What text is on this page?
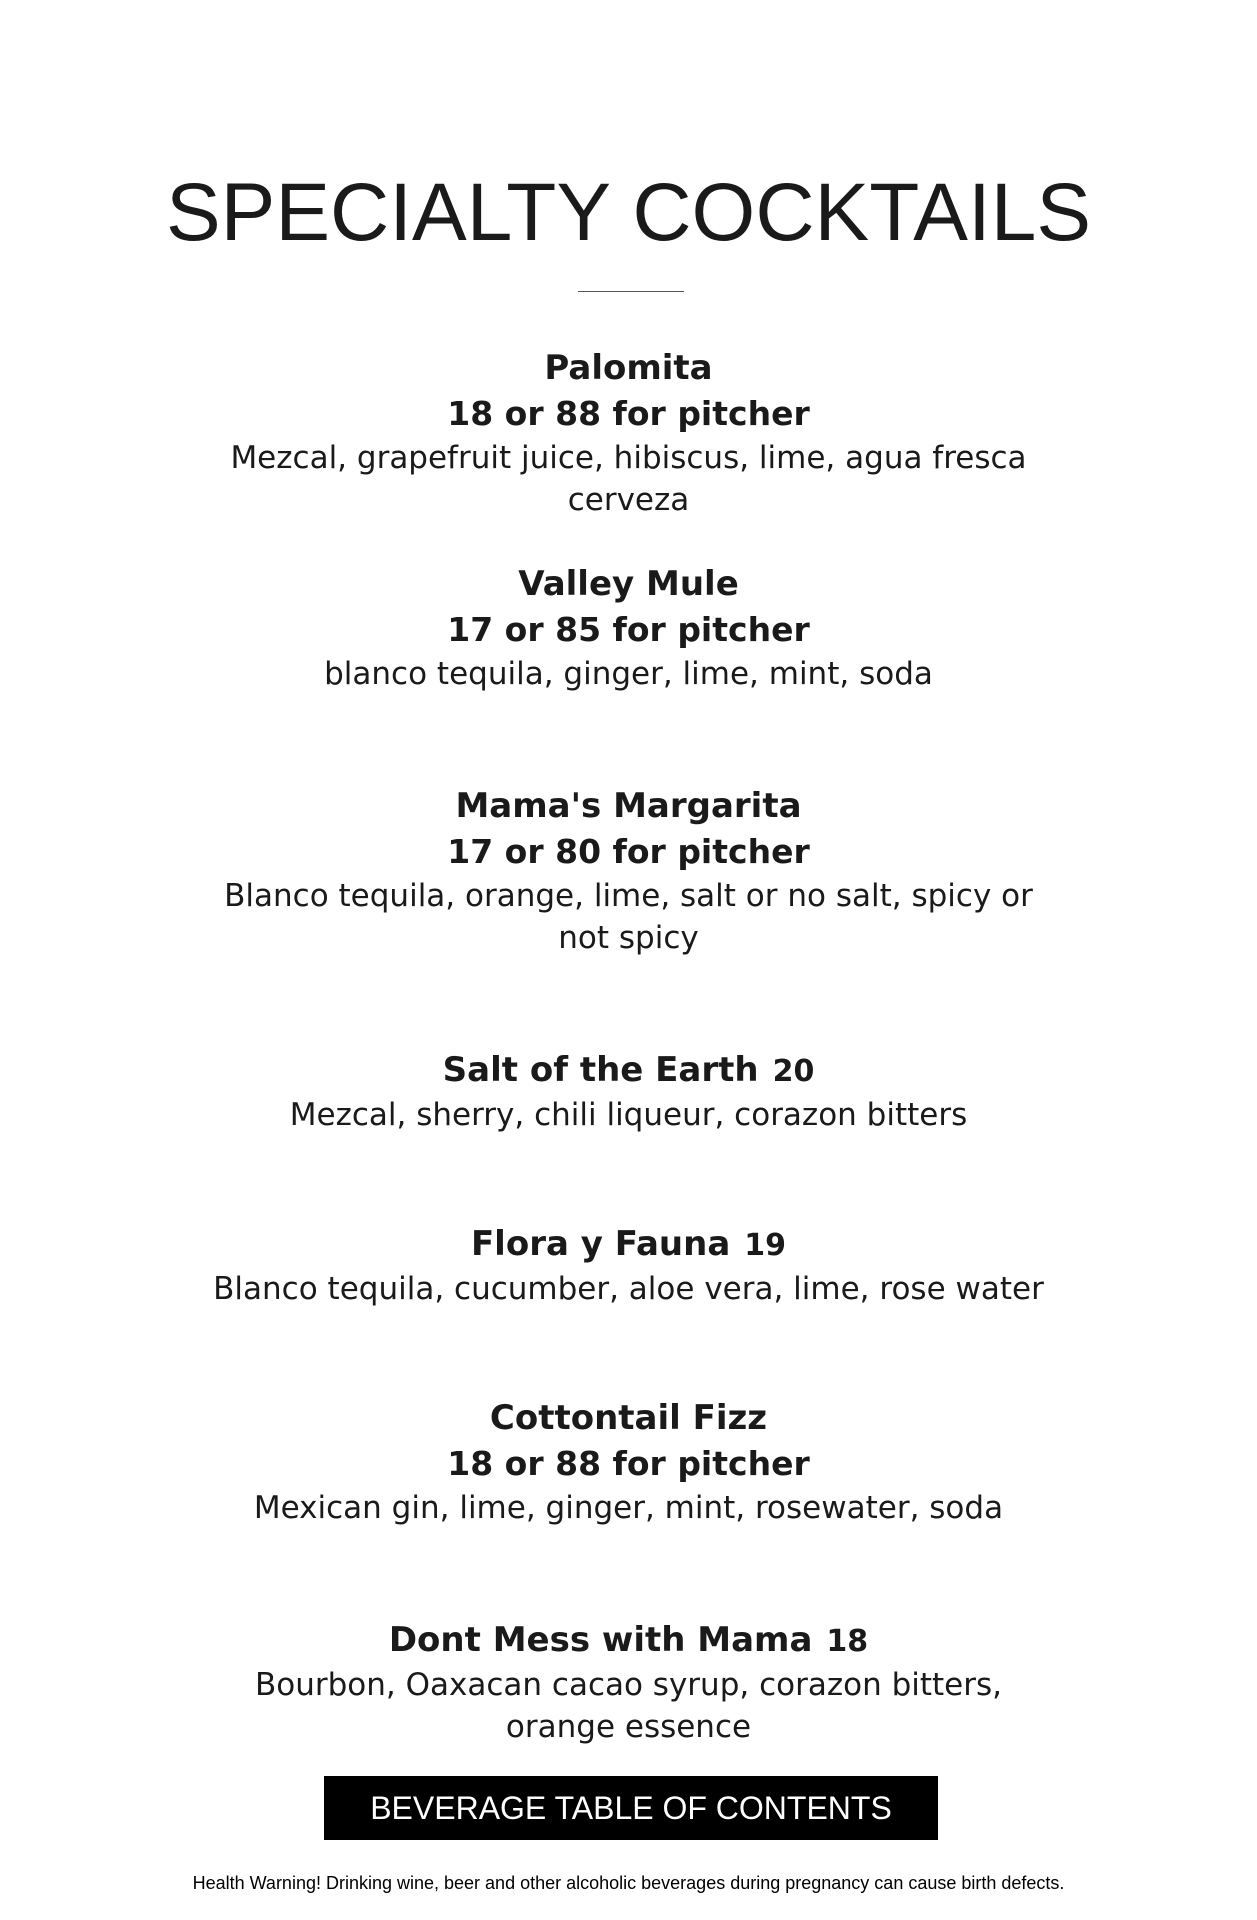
SPECIALTY COCKTAILS

Palomita

18 or 88 for pitcher

Mezcal, grapefruit juice, hibiscus, lime, agua fresca cerveza

Valley Mule

17 or 85 for pitcher

blanco tequila, ginger, lime, mint, soda

Mama's Margarita

17 or 80 for pitcher

Blanco tequila, orange, lime, salt or no salt, spicy or not spicy

Salt of the Earth 20

Mezcal, sherry, chili liqueur, corazon bitters

Flora y Fauna 19

Blanco tequila, cucumber, aloe vera, lime, rose water

Cottontail Fizz

18 or 88 for pitcher

Mexican gin, lime, ginger, mint, rosewater, soda

Dont Mess with Mama 18

Bourbon, Oaxacan cacao syrup, corazon bitters, orange essence

BEVERAGE TABLE OF CONTENTS
Health Warning! Drinking wine, beer and other alcoholic beverages during pregnancy can cause birth defects.
